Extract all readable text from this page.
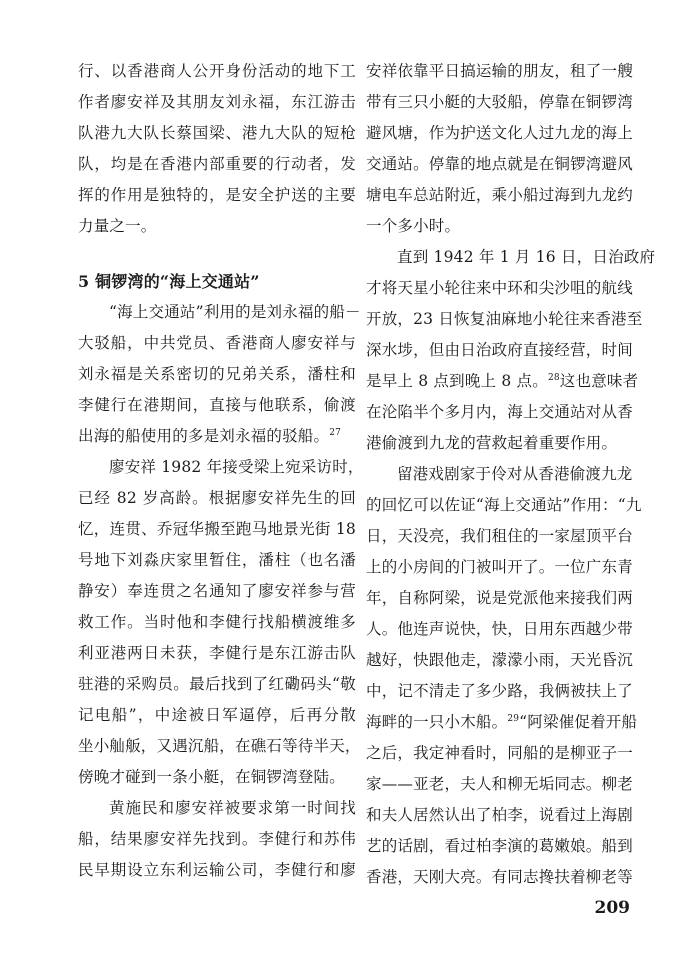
行、以香港商人公开身份活动的地下工
作者廖安祥及其朋友刘永福，东江游击
队港九大队长蔡国梁、港九大队的短枪
队，均是在香港内部重要的行动者，发
挥的作用是独特的，是安全护送的主要
力量之一。
5 铜锣湾的“海上交通站”
“海上交通站”利用的是刘永福的船－
大驳船，中共党员、香港商人廖安祥与
刘永福是关系密切的兄弟关系，潘柱和
李健行在港期间，直接与他联系，偷渡
出海的船使用的多是刘永福的驳船。$^{27}$
廖安祥 1982 年接受梁上宛采访时，
已经 82 岁高龄。根据廖安祥先生的回
忆，连贯、乔冠华搬至跑马地景光街 18
号地下刘淼庆家里暂住，潘柱（也名潘
静安）奉连贯之名通知了廖安祥参与营
救工作。当时他和李健行找船横渡维多
利亚港两日未获，李健行是东江游击队
驻港的采购员。最后找到了红磡码头“敬
记电船”，中途被日军逼停，后再分散
坐小舢舨，又遇沉船，在礁石等待半天，
傍晚才碰到一条小艇，在铜锣湾登陆。
黄施民和廖安祥被要求第一时间找
船，结果廖安祥先找到。李健行和苏伟
民早期设立东利运输公司，李健行和廖
安祥依靠平日搞运输的朋友，租了一艘
带有三只小艇的大驳船，停靠在铜锣湾
避风塘，作为护送文化人过九龙的海上
交通站。停靠的地点就是在铜锣湾避风
塘电车总站附近，乘小船过海到九龙约
一个多小时。
直到 1942 年 1 月 16 日，日治政府
才将天星小轮往来中环和尖沙咀的航线
开放，23 日恢复油麻地小轮往来香港至
深水埗，但由日治政府直接经营，时间
是早上 8 点到晚上 8 点。$^{28}$这也意味者
在沦陷半个多月内，海上交通站对从香
港偷渡到九龙的营救起着重要作用。
留港戏剧家于伶对从香港偷渡九龙
的回忆可以佐证“海上交通站”作用：“九
日，天没亮，我们租住的一家屋顶平台
上的小房间的门被叫开了。一位广东青
年，自称阿梁，说是党派他来接我们两
人。他连声说快，快，日用东西越少带
越好，快跟他走，濛濛小雨，天光昏沉
中，记不清走了多少路，我俩被扶上了
海畔的一只小木船。$^{29}$“阿梁催促着开船
之后，我定神看时，同船的是柳亚子一
家——亚老，夫人和柳无垢同志。柳老
和夫人居然认出了柏李，说看过上海剧
艺的话剧，看过柏李演的葛嫩娘。船到
香港，天刚大亮。有同志搀扶着柳老等
209
